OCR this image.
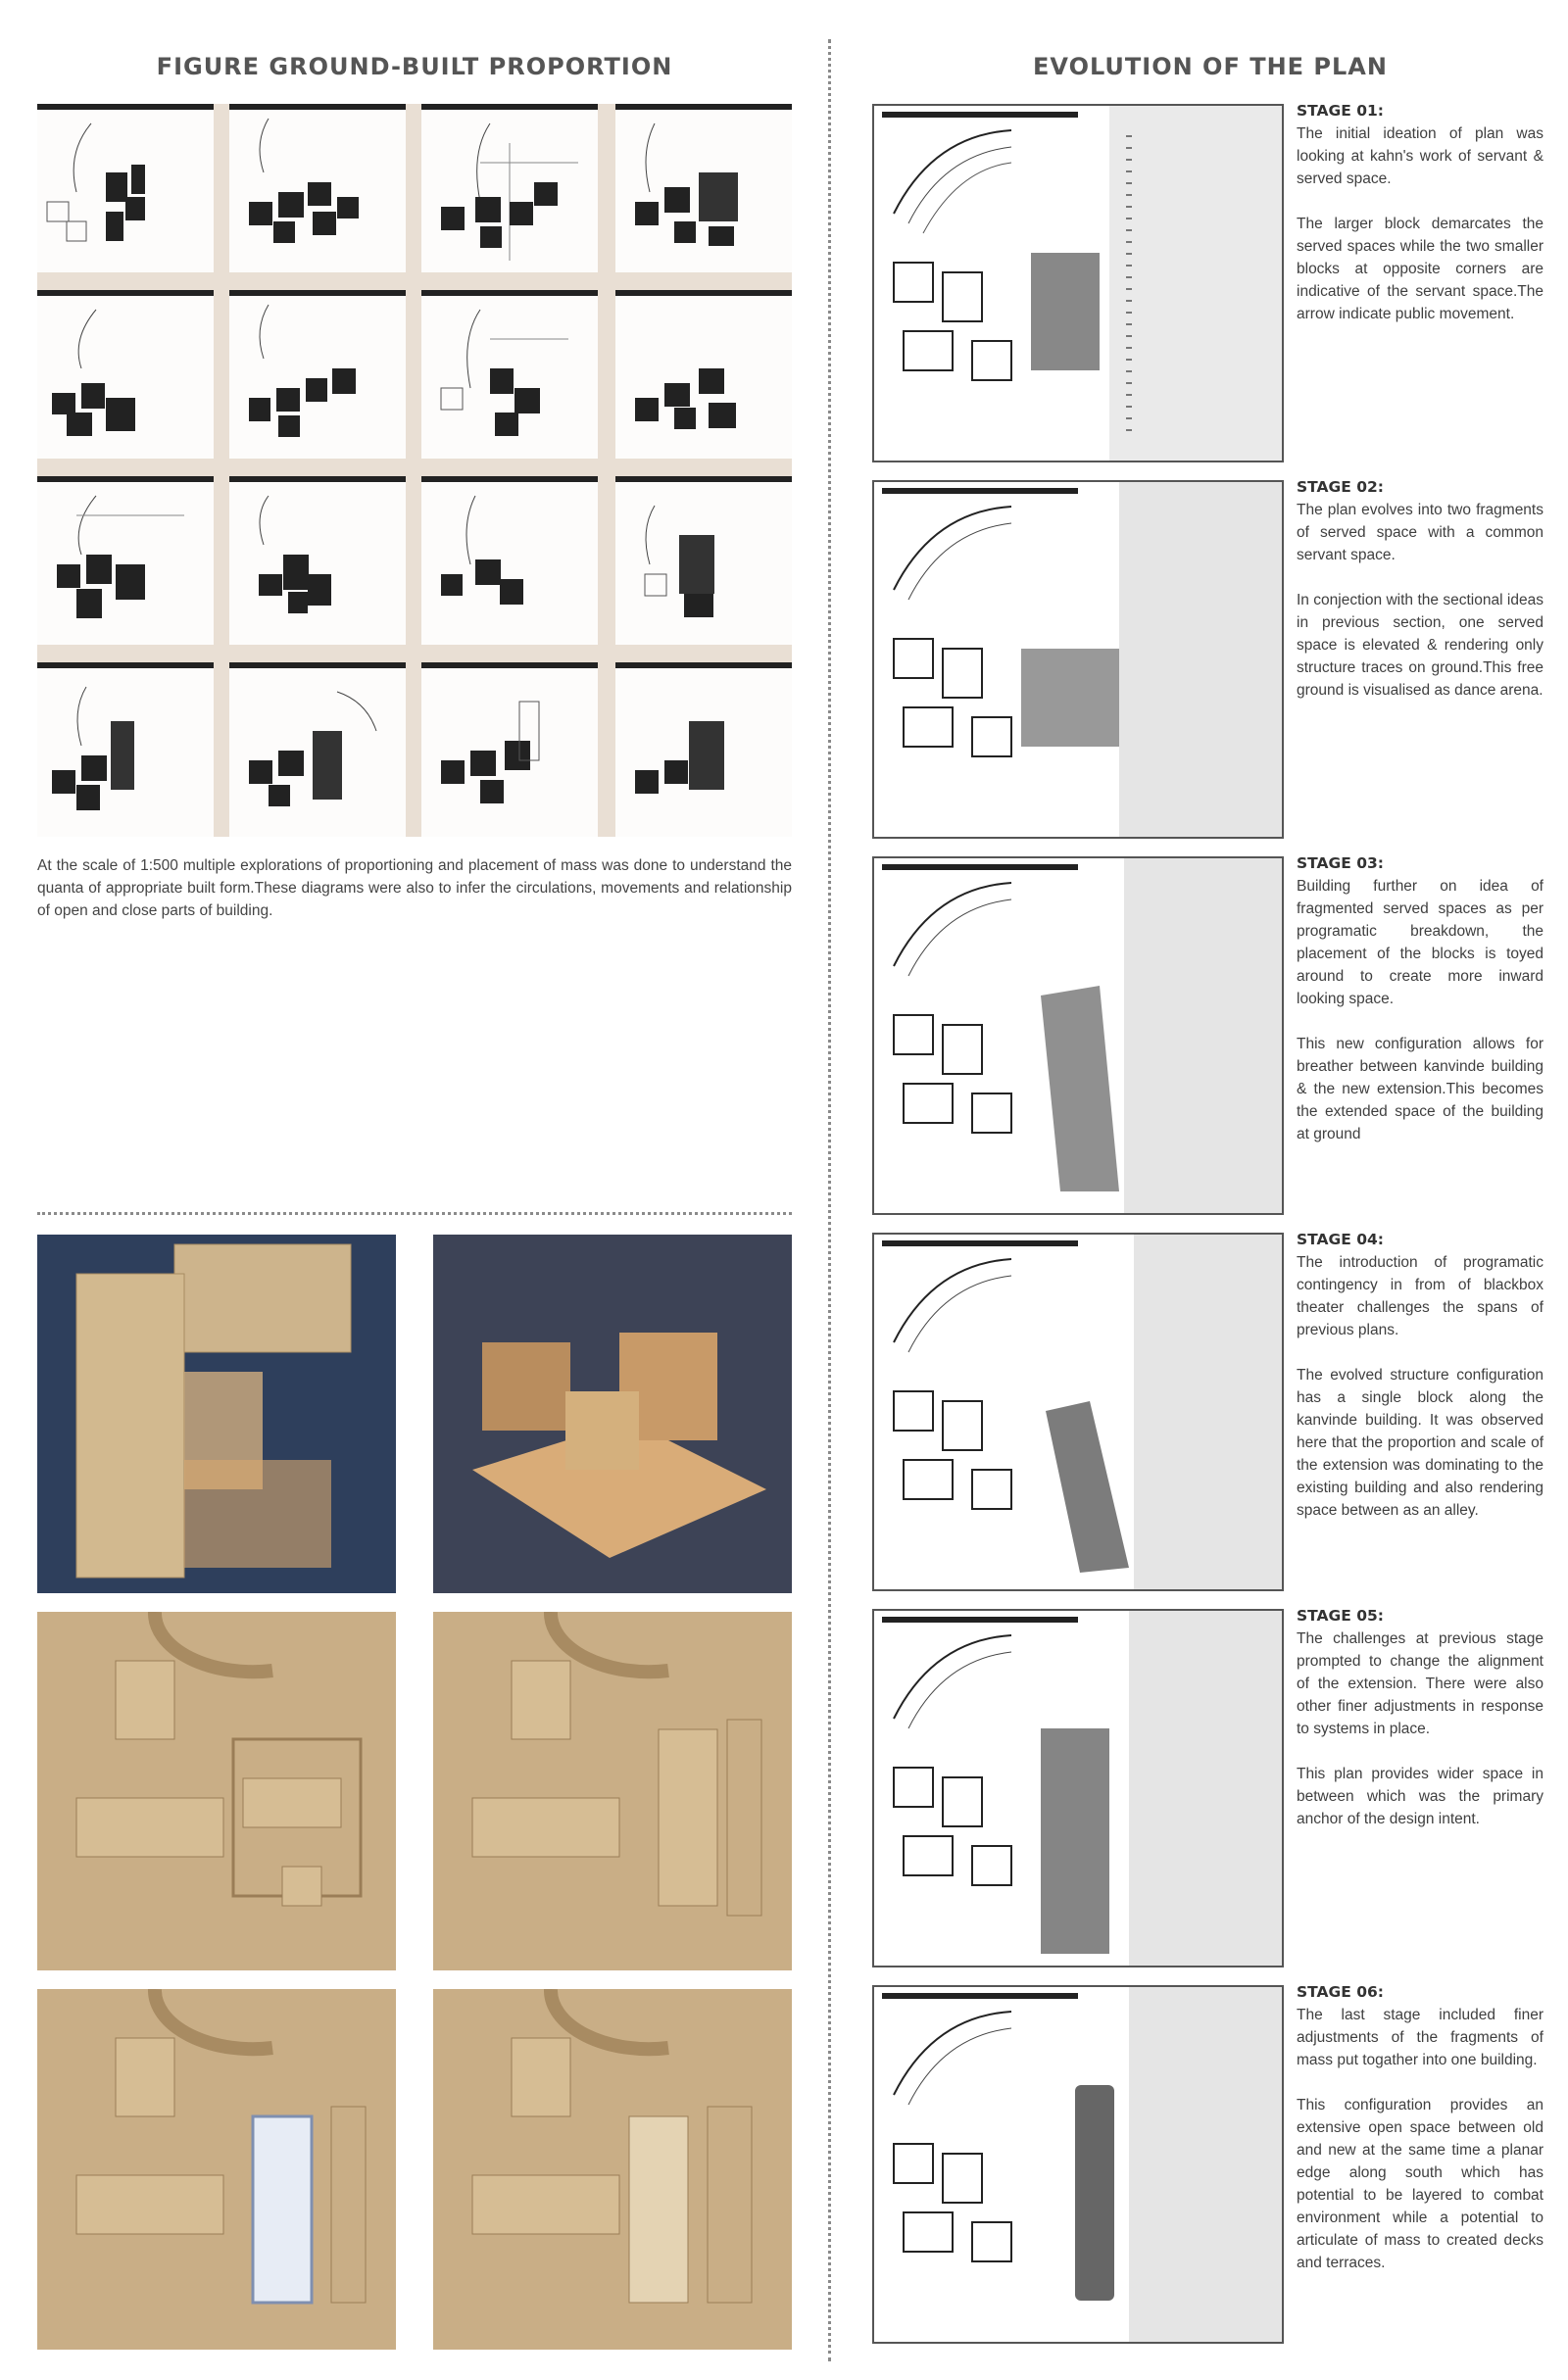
FIGURE GROUND-BUILT PROPORTION	EVOLUTION OF THE PLAN
At the scale of 1:500 multiple explorations of proportioning and placement of mass was done to understand the quanta of appropriate built form.These diagrams were also to infer the circulations, movements and relationship of open and close parts of building.
STAGE 01:

The initial ideation of plan was looking at kahn's work of servant & served space.

The larger block demarcates the served spaces while the two smaller blocks at opposite corners are indicative of the servant space.The arrow indicate public movement.

STAGE 02:

The plan evolves into two fragments of served space with a common servant space.

In conjection with the sectional ideas in previous section, one served space is elevated & rendering only structure traces on ground.This free ground is visualised as dance arena.

STAGE 03:

Building further on idea of fragmented served spaces as per programatic breakdown, the placement of the blocks is toyed around to create more inward looking space.

This new configuration allows for breather between kanvinde building & the new extension.This becomes the extended space of the building at ground

STAGE 04:

The introduction of programatic contingency in from of blackbox theater challenges the spans of previous plans.

The evolved structure configuration has a single block along the kanvinde building. It was observed here that the proportion and scale of the extension was dominating to the existing building and also rendering space between as an alley.

STAGE 05:

The challenges at previous stage prompted to change the alignment of the extension. There were also other finer adjustments in response to systems in place.

This plan provides wider space in between which was the primary anchor of the design intent.

STAGE 06:

The last stage included finer adjustments of the fragments of mass put togather into one building.

This configuration provides an extensive open space between old and new at the same time a planar edge along south which has potential to be layered to combat environment while a potential to articulate of mass to created decks and terraces.
